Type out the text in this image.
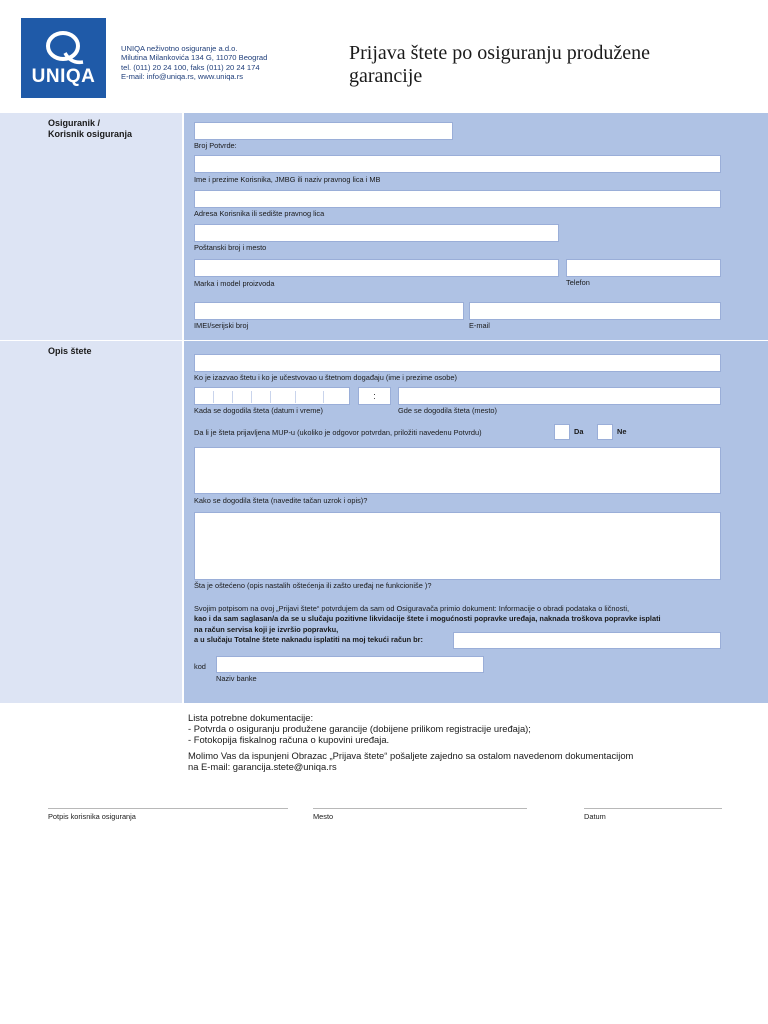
UNIQA
UNIQA neživotno osiguranje a.d.o.
Milutina Milankovića 134 G, 11070 Beograd
tel. (011) 20 24 100, faks (011) 20 24 174
E-mail: info@uniqa.rs, www.uniqa.rs
Prijava štete po osiguranju produžene
garancije
Osiguranik /
Korisnik osiguranja
Broj Potvrde:
Ime i prezime Korisnika, JMBG ili naziv pravnog lica i MB
Adresa Korisnika ili sedište pravnog lica
Poštanski broj i mesto
Marka i model proizvoda	Telefon
IMEI/serijski broj	E-mail
Opis štete
Ko je izazvao štetu i ko je učestvovao u štetnom događaju (ime i prezime osobe)
:
Kada se dogodila šteta (datum i vreme)	Gde se dogodila šteta (mesto)
Da li je šteta prijavljena MUP-u (ukoliko je odgovor potvrdan, priložiti navedenu Potvrdu)	Da	Ne
Kako se dogodila šteta (navedite tačan uzrok i opis)?
Šta je oštećeno (opis nastalih oštećenja ili zašto uređaj ne funkcioniše )?
Svojim potpisom na ovoj „Prijavi štete“ potvrdujem da sam od Osiguravača primio dokument: Informacije o obradi podataka o ličnosti,
kao i da sam saglasan/a da se u slučaju pozitivne likvidacije štete i mogućnosti popravke uređaja, naknada troškova popravke isplati
na račun servisa koji je izvršio popravku,
a u slučaju Totalne štete naknadu isplatiti na moj tekući račun br:
kod
Naziv banke
Lista potrebne dokumentacije:
- Potvrda o osiguranju produžene garancije (dobijene prilikom registracije uređaja);
- Fotokopija fiskalnog računa o kupovini uređaja.
Molimo Vas da ispunjeni Obrazac „Prijava štete“ pošaljete zajedno sa ostalom navedenom dokumentacijom
na E-mail: garancija.stete@uniqa.rs
Potpis korisnika osiguranja	Mesto	Datum
